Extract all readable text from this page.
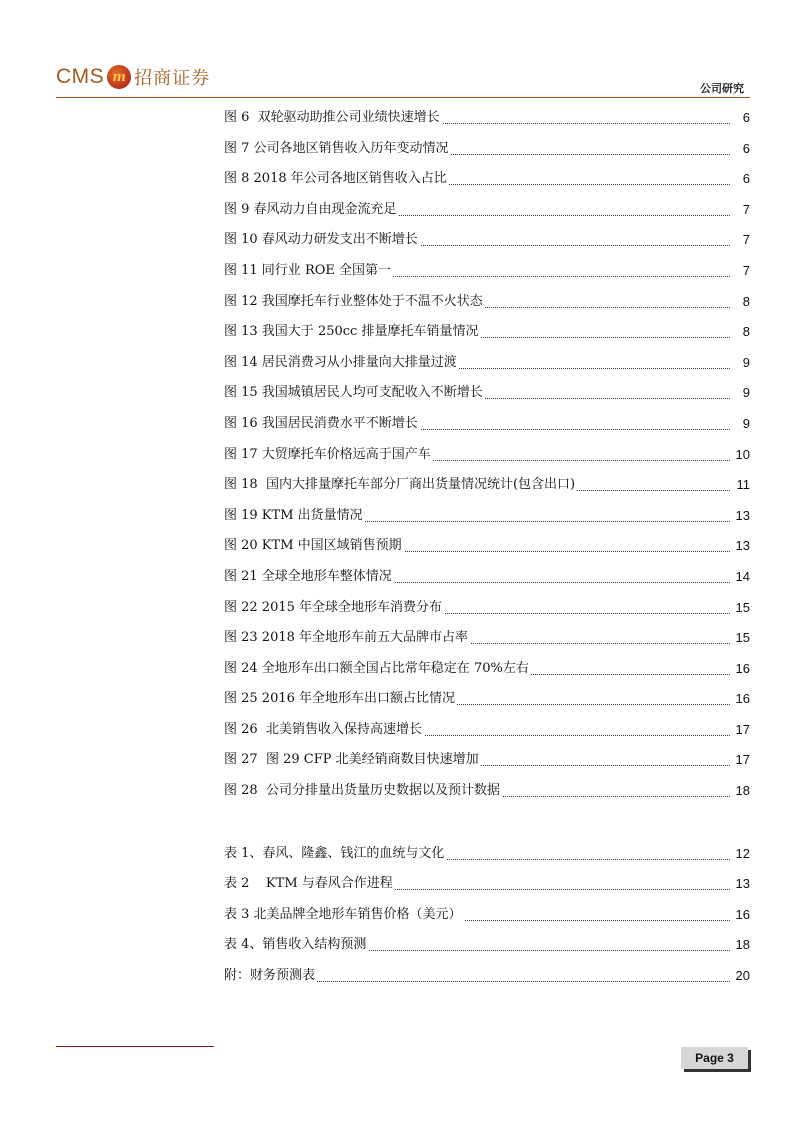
CMS m 招商证券	公司研究
图 6  双轮驱动助推公司业绩快速增长	6
图 7 公司各地区销售收入历年变动情况	6
图 8 2018 年公司各地区销售收入占比	6
图 9 春风动力自由现金流充足	7
图 10 春风动力研发支出不断增长	7
图 11 同行业 ROE 全国第一	7
图 12 我国摩托车行业整体处于不温不火状态	8
图 13 我国大于 250cc 排量摩托车销量情况	8
图 14 居民消费习从小排量向大排量过渡	9
图 15 我国城镇居民人均可支配收入不断增长	9
图 16 我国居民消费水平不断增长	9
图 17 大贸摩托车价格远高于国产车	10
图 18  国内大排量摩托车部分厂商出货量情况统计(包含出口)	11
图 19 KTM 出货量情况	13
图 20 KTM 中国区域销售预期	13
图 21 全球全地形车整体情况	14
图 22 2015 年全球全地形车消费分布	15
图 23 2018 年全地形车前五大品牌市占率	15
图 24 全地形车出口额全国占比常年稳定在 70%左右	16
图 25 2016 年全地形车出口额占比情况	16
图 26  北美销售收入保持高速增长	17
图 27  图 29 CFP 北美经销商数目快速增加	17
图 28  公司分排量出货量历史数据以及预计数据	18
表 1、春风、隆鑫、钱江的血统与文化	12
表 2    KTM 与春风合作进程	13
表 3 北美品牌全地形车销售价格（美元）	16
表 4、销售收入结构预测	18
附：财务预测表	20
Page 3
